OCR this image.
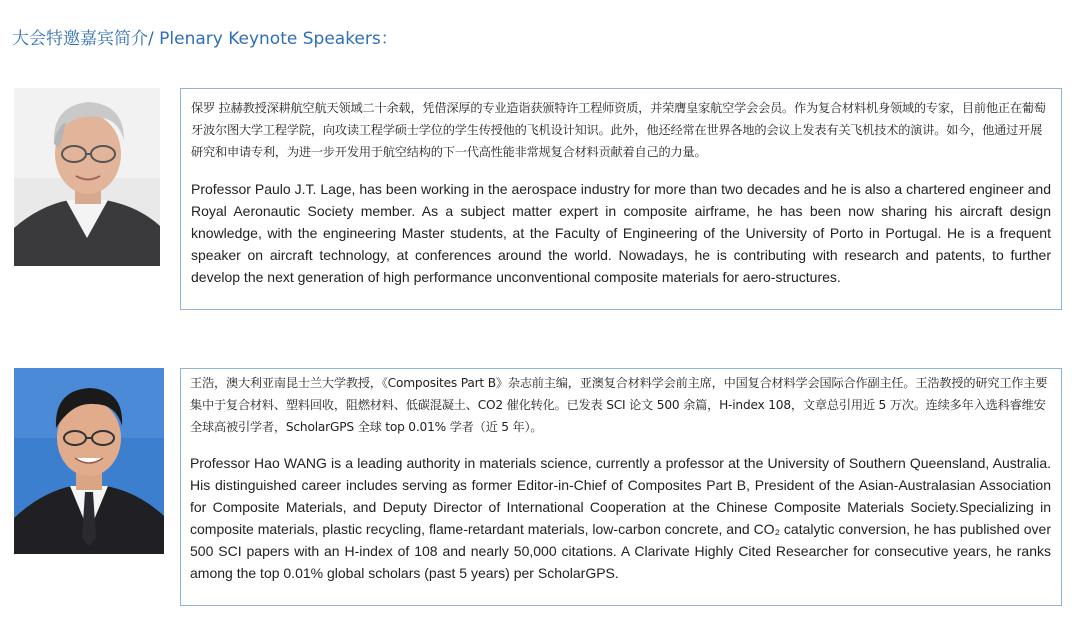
大会特邀嘉宾简介/ Plenary Keynote Speakers：

保罗 拉赫教授深耕航空航天领域二十余载，凭借深厚的专业造诣获颁特许工程师资质，并荣膺皇家航空学会会员。作为复合材料机身领域的专家，目前他正在葡萄牙波尔图大学工程学院，向攻读工程学硕士学位的学生传授他的飞机设计知识。此外，他还经常在世界各地的会议上发表有关飞机技术的演讲。如今，他通过开展研究和申请专利，为进一步开发用于航空结构的下一代高性能非常规复合材料贡献着自己的力量。

Professor Paulo J.T. Lage, has been working in the aerospace industry for more than two decades and he is also a chartered engineer and Royal Aeronautic Society member. As a subject matter expert in composite airframe, he has been now sharing his aircraft design knowledge, with the engineering Master students, at the Faculty of Engineering of the University of Porto in Portugal. He is a frequent speaker on aircraft technology, at conferences around the world. Nowadays, he is contributing with research and patents, to further develop the next generation of high performance unconventional composite materials for aero-structures.

王浩，澳大利亚南昆士兰大学教授，《Composites Part B》杂志前主编，亚澳复合材料学会前主席，中国复合材料学会国际合作副主任。王浩教授的研究工作主要集中于复合材料、塑料回收，阻燃材料、低碳混凝土、CO2 催化转化。已发表 SCI 论文 500 余篇，H-index 108，文章总引用近 5 万次。连续多年入选科睿维安全球高被引学者，ScholarGPS 全球 top 0.01% 学者（近 5 年）。

Professor Hao WANG is a leading authority in materials science, currently a professor at the University of Southern Queensland, Australia. His distinguished career includes serving as former Editor-in-Chief of Composites Part B, President of the Asian-Australasian Association for Composite Materials, and Deputy Director of International Cooperation at the Chinese Composite Materials Society.Specializing in composite materials, plastic recycling, flame-retardant materials, low-carbon concrete, and CO₂ catalytic conversion, he has published over 500 SCI papers with an H-index of 108 and nearly 50,000 citations. A Clarivate Highly Cited Researcher for consecutive years, he ranks among the top 0.01% global scholars (past 5 years) per ScholarGPS.
